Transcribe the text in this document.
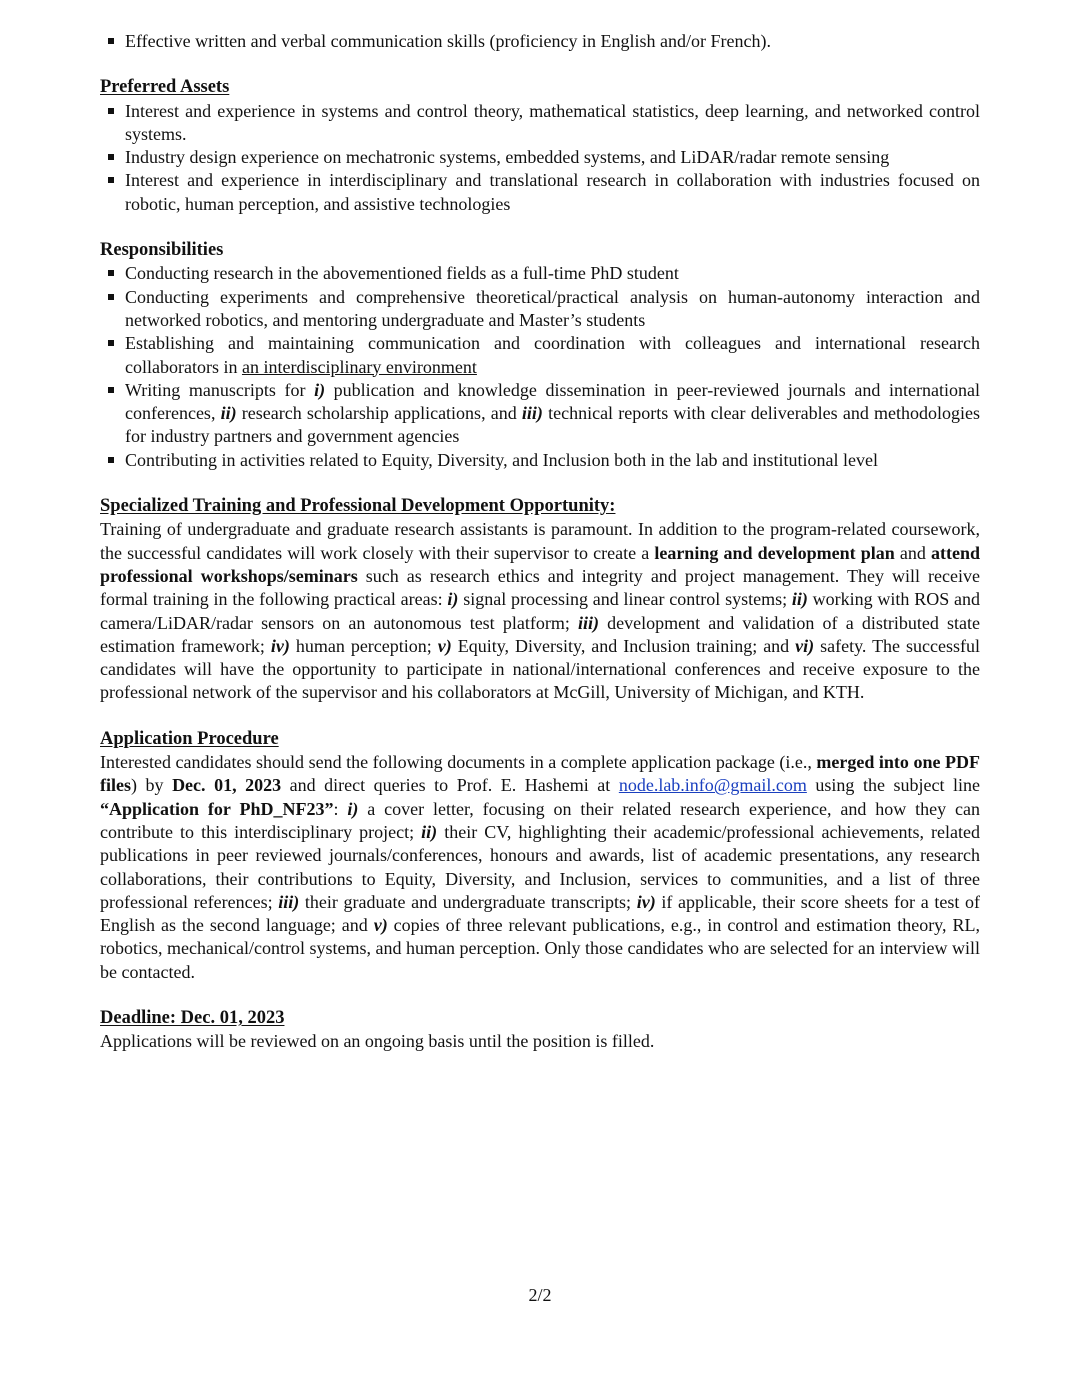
Effective written and verbal communication skills (proficiency in English and/or French).
Preferred Assets
Interest and experience in systems and control theory, mathematical statistics, deep learning, and networked control systems.
Industry design experience on mechatronic systems, embedded systems, and LiDAR/radar remote sensing
Interest and experience in interdisciplinary and translational research in collaboration with industries focused on robotic, human perception, and assistive technologies
Responsibilities
Conducting research in the abovementioned fields as a full-time PhD student
Conducting experiments and comprehensive theoretical/practical analysis on human-autonomy interaction and networked robotics, and mentoring undergraduate and Master’s students
Establishing and maintaining communication and coordination with colleagues and international research collaborators in an interdisciplinary environment
Writing manuscripts for i) publication and knowledge dissemination in peer-reviewed journals and international conferences, ii) research scholarship applications, and iii) technical reports with clear deliverables and methodologies for industry partners and government agencies
Contributing in activities related to Equity, Diversity, and Inclusion both in the lab and institutional level
Specialized Training and Professional Development Opportunity:

Training of undergraduate and graduate research assistants is paramount. In addition to the program-related coursework, the successful candidates will work closely with their supervisor to create a learning and development plan and attend professional workshops/seminars such as research ethics and integrity and project management. They will receive formal training in the following practical areas: i) signal processing and linear control systems; ii) working with ROS and camera/LiDAR/radar sensors on an autonomous test platform; iii) development and validation of a distributed state estimation framework; iv) human perception; v) Equity, Diversity, and Inclusion training; and vi) safety. The successful candidates will have the opportunity to participate in national/international conferences and receive exposure to the professional network of the supervisor and his collaborators at McGill, University of Michigan, and KTH.

Application Procedure

Interested candidates should send the following documents in a complete application package (i.e., merged into one PDF files) by Dec. 01, 2023 and direct queries to Prof. E. Hashemi at node.lab.info@gmail.com using the subject line “Application for PhD_NF23”: i) a cover letter, focusing on their related research experience, and how they can contribute to this interdisciplinary project; ii) their CV, highlighting their academic/professional achievements, related publications in peer reviewed journals/conferences, honours and awards, list of academic presentations, any research collaborations, their contributions to Equity, Diversity, and Inclusion, services to communities, and a list of three professional references; iii) their graduate and undergraduate transcripts; iv) if applicable, their score sheets for a test of English as the second language; and v) copies of three relevant publications, e.g., in control and estimation theory, RL, robotics, mechanical/control systems, and human perception. Only those candidates who are selected for an interview will be contacted.

Deadline: Dec. 01, 2023

Applications will be reviewed on an ongoing basis until the position is filled.

2/2
